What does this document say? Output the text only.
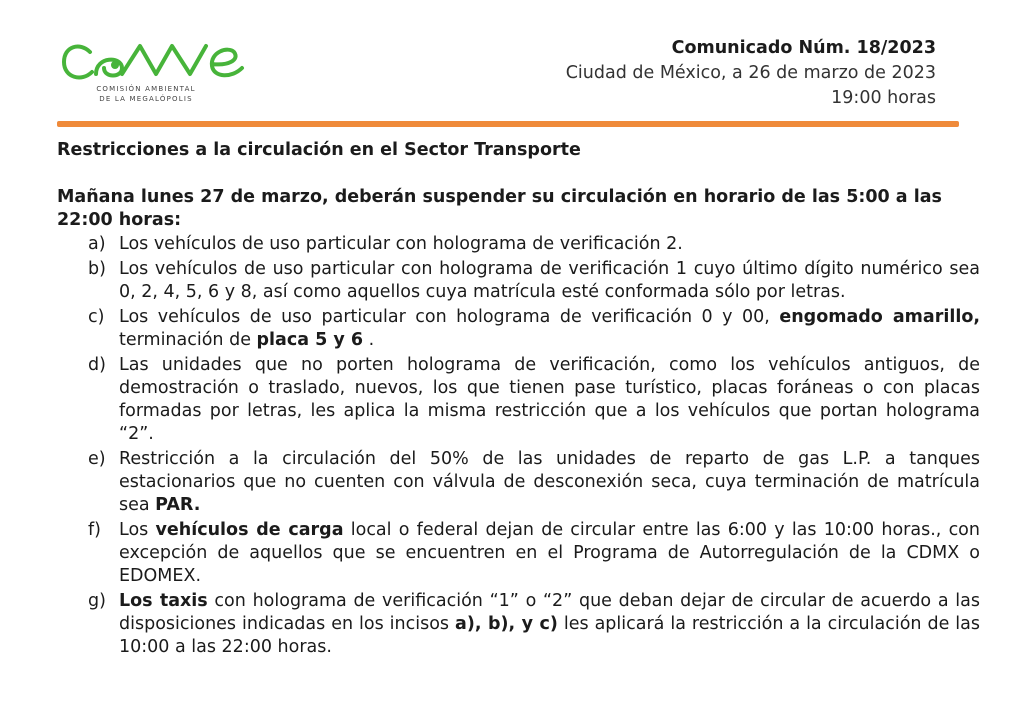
COMISIÓN AMBIENTAL
DE LA MEGALÓPOLIS
Comunicado Núm. 18/2023
Ciudad de México, a 26 de marzo de 2023
19:00 horas
Restricciones a la circulación en el Sector Transporte
Mañana lunes 27 de marzo, deberán suspender su circulación en horario de las 5:00 a las 22:00 horas:
a) Los vehículos de uso particular con holograma de verificación 2.
b) Los vehículos de uso particular con holograma de verificación 1 cuyo último dígito numérico sea 0, 2, 4, 5, 6 y 8, así como aquellos cuya matrícula esté conformada sólo por letras.
c) Los vehículos de uso particular con holograma de verificación 0 y 00, engomado amarillo, terminación de placa 5 y 6 .
d) Las unidades que no porten holograma de verificación, como los vehículos antiguos, de demostración o traslado, nuevos, los que tienen pase turístico, placas foráneas o con placas formadas por letras, les aplica la misma restricción que a los vehículos que portan holograma “2”.
e) Restricción a la circulación del 50% de las unidades de reparto de gas L.P. a tanques estacionarios que no cuenten con válvula de desconexión seca, cuya terminación de matrícula sea PAR.
f)	Los vehículos de carga local o federal dejan de circular entre las 6:00 y las 10:00 horas., con excepción de aquellos que se encuentren en el Programa de Autorregulación de la CDMX o EDOMEX.
g) Los taxis con holograma de verificación “1” o “2” que deban dejar de circular de acuerdo a las disposiciones indicadas en los incisos a), b), y c) les aplicará la restricción a la circulación de las 10:00 a las 22:00 horas.
